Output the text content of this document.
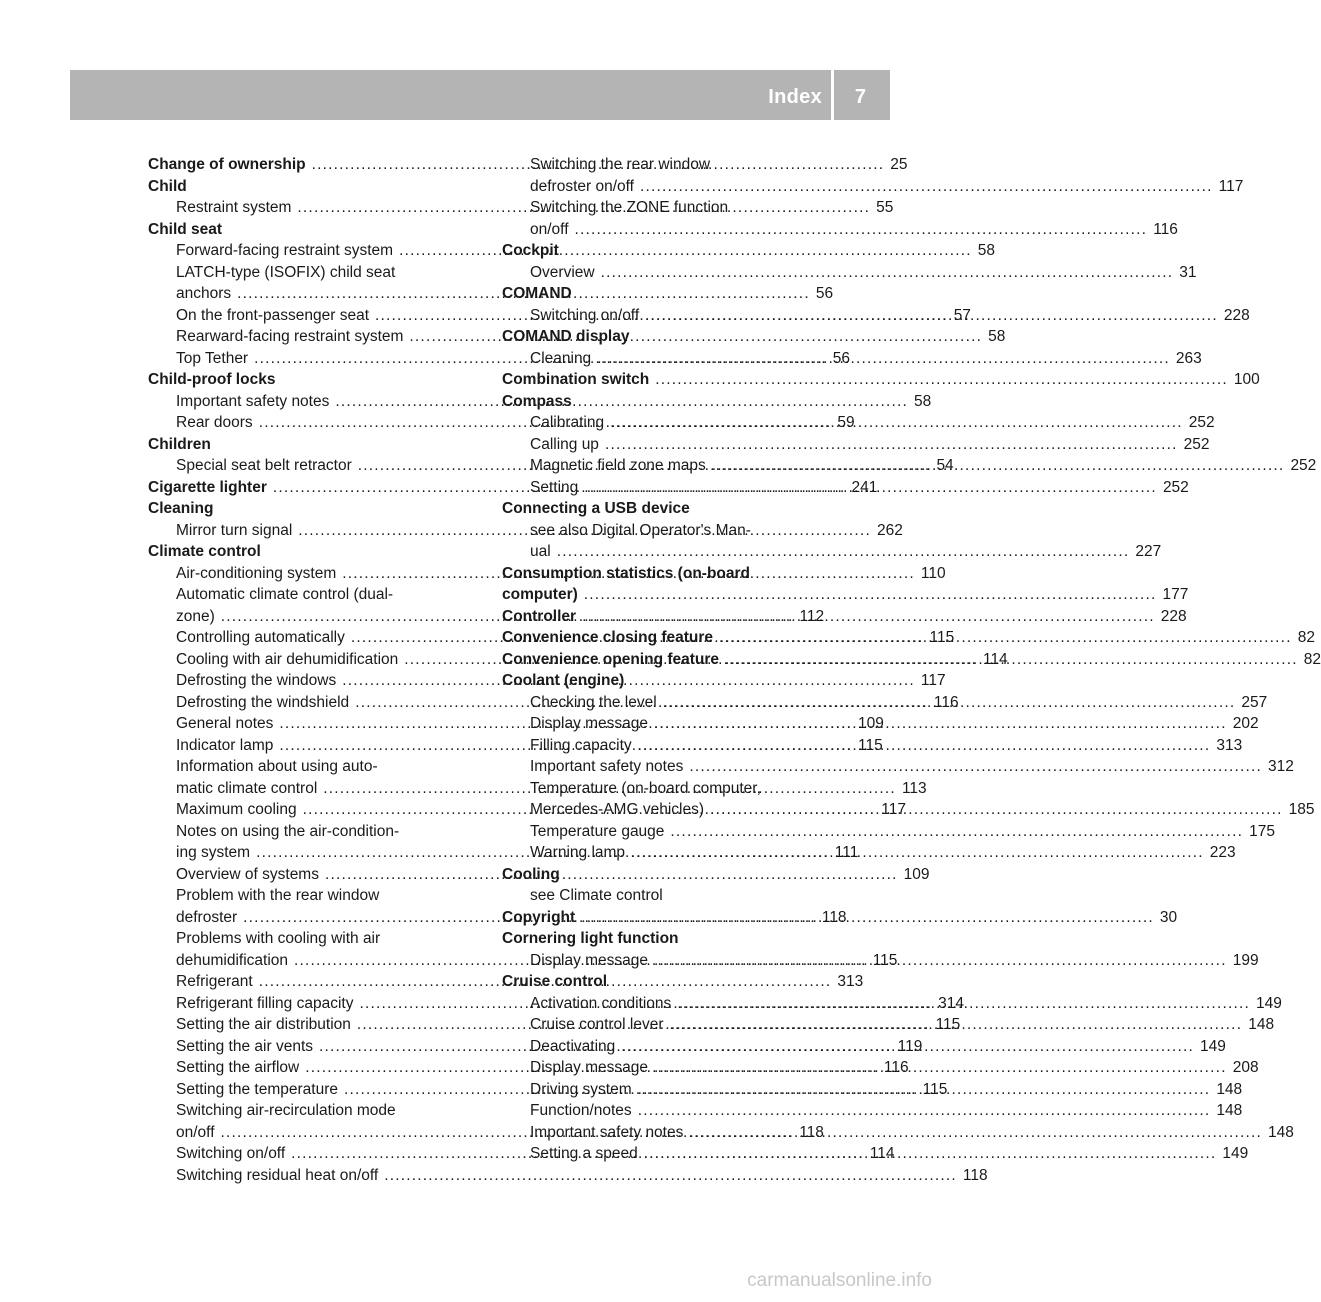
Index 7
Change of ownership .....	25
Child
Restraint system .....	55
Child seat
Forward-facing restraint system .....	58
LATCH-type (ISOFIX) child seat
anchors .....	56
On the front-passenger seat .....	57
Rearward-facing restraint system .....	58
Top Tether .....	56
Child-proof locks
Important safety notes .....	58
Rear doors .....	59
Children
Special seat belt retractor .....	54
Cigarette lighter .....	241
Cleaning
Mirror turn signal .....	262
Climate control
Air-conditioning system .....	110
Automatic climate control (dual-
zone) .....	112
Controlling automatically .....	115
Cooling with air dehumidification .....	114
Defrosting the windows .....	117
Defrosting the windshield .....	116
General notes .....	109
Indicator lamp .....	115
Information about using auto-
matic climate control .....	113
Maximum cooling .....	117
Notes on using the air-condition-
ing system .....	111
Overview of systems .....	109
Problem with the rear window
defroster .....	118
Problems with cooling with air
dehumidification .....	115
Refrigerant .....	313
Refrigerant filling capacity .....	314
Setting the air distribution .....	115
Setting the air vents .....	119
Setting the airflow .....	116
Setting the temperature .....	115
Switching air-recirculation mode
on/off .....	118
Switching on/off .....	114
Switching residual heat on/off .....	118
Switching the rear window
defroster on/off .....	117
Switching the ZONE function
on/off .....	116
Cockpit
Overview .....	31
COMAND
Switching on/off .....	228
COMAND display
Cleaning .....	263
Combination switch .....	100
Compass
Calibrating .....	252
Calling up .....	252
Magnetic field zone maps .....	252
Setting .....	252
Connecting a USB device
see also Digital Operator's Man-
ual .....	227
Consumption statistics (on-board
computer) .....	177
Controller .....	228
Convenience closing feature .....	82
Convenience opening feature .....	82
Coolant (engine)
Checking the level .....	257
Display message .....	202
Filling capacity .....	313
Important safety notes .....	312
Temperature (on-board computer,
Mercedes-AMG vehicles) .....	185
Temperature gauge .....	175
Warning lamp .....	223
Cooling
see Climate control
Copyright .....	30
Cornering light function
Display message .....	199
Cruise control
Activation conditions .....	149
Cruise control lever .....	148
Deactivating .....	149
Display message .....	208
Driving system .....	148
Function/notes .....	148
Important safety notes .....	148
Setting a speed .....	149
carmanualsonline.info
